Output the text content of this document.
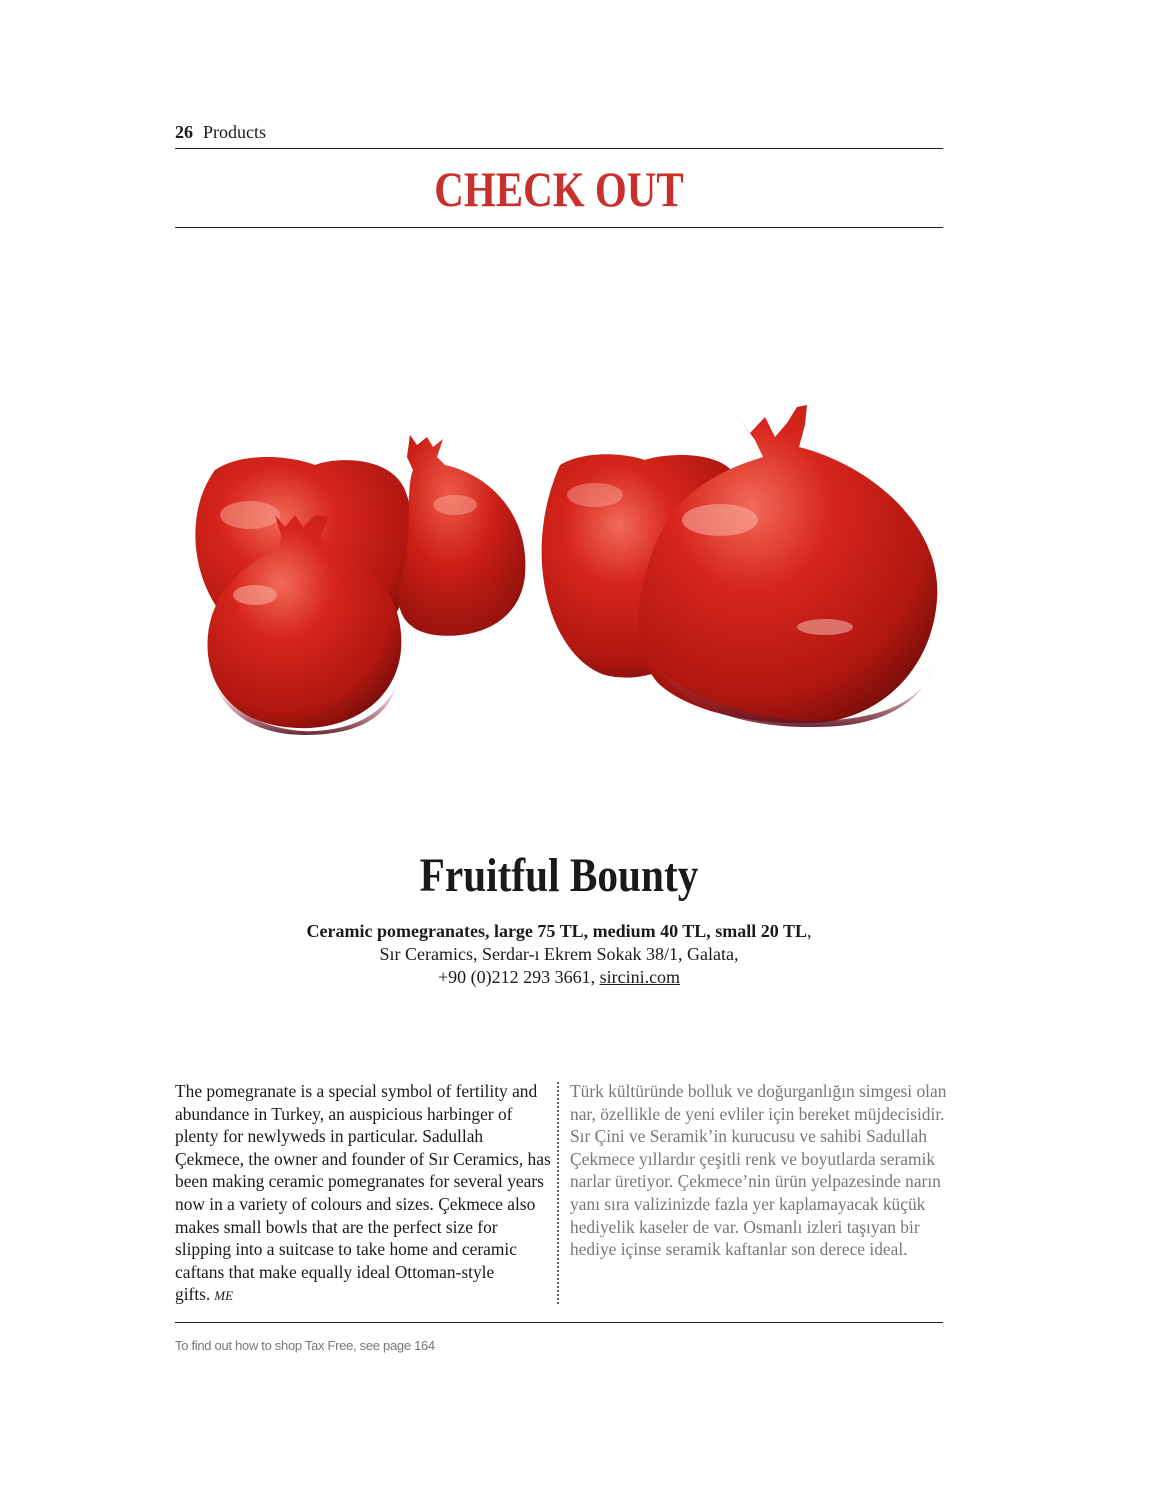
26 Products
CHECK OUT
Fruitful Bounty
Ceramic pomegranates, large 75 TL, medium 40 TL, small 20 TL,
Sır Ceramics, Serdar-ı Ekrem Sokak 38/1, Galata,
+90 (0)212 293 3661, sircini.com

The pomegranate is a special symbol of fertility and abundance in Turkey, an auspicious harbinger of plenty for newlyweds in particular. Sadullah Çekmece, the owner and founder of Sır Ceramics, has been making ceramic pomegranates for several years now in a variety of colours and sizes. Çekmece also makes small bowls that are the perfect size for slipping into a suitcase to take home and ceramic caftans that make equally ideal Ottoman-style gifts. ME

Türk kültüründe bolluk ve doğurganlığın simgesi olan nar, özellikle de yeni evliler için bereket müjdecisidir. Sır Çini ve Seramik’in kurucusu ve sahibi Sadullah Çekmece yıllardır çeşitli renk ve boyutlarda seramik narlar üretiyor. Çekmece’nin ürün yelpazesinde narın yanı sıra valizinizde fazla yer kaplamayacak küçük hediyelik kaseler de var. Osmanlı izleri taşıyan bir hediye içinse seramik kaftanlar son derece ideal.

To find out how to shop Tax Free, see page 164
